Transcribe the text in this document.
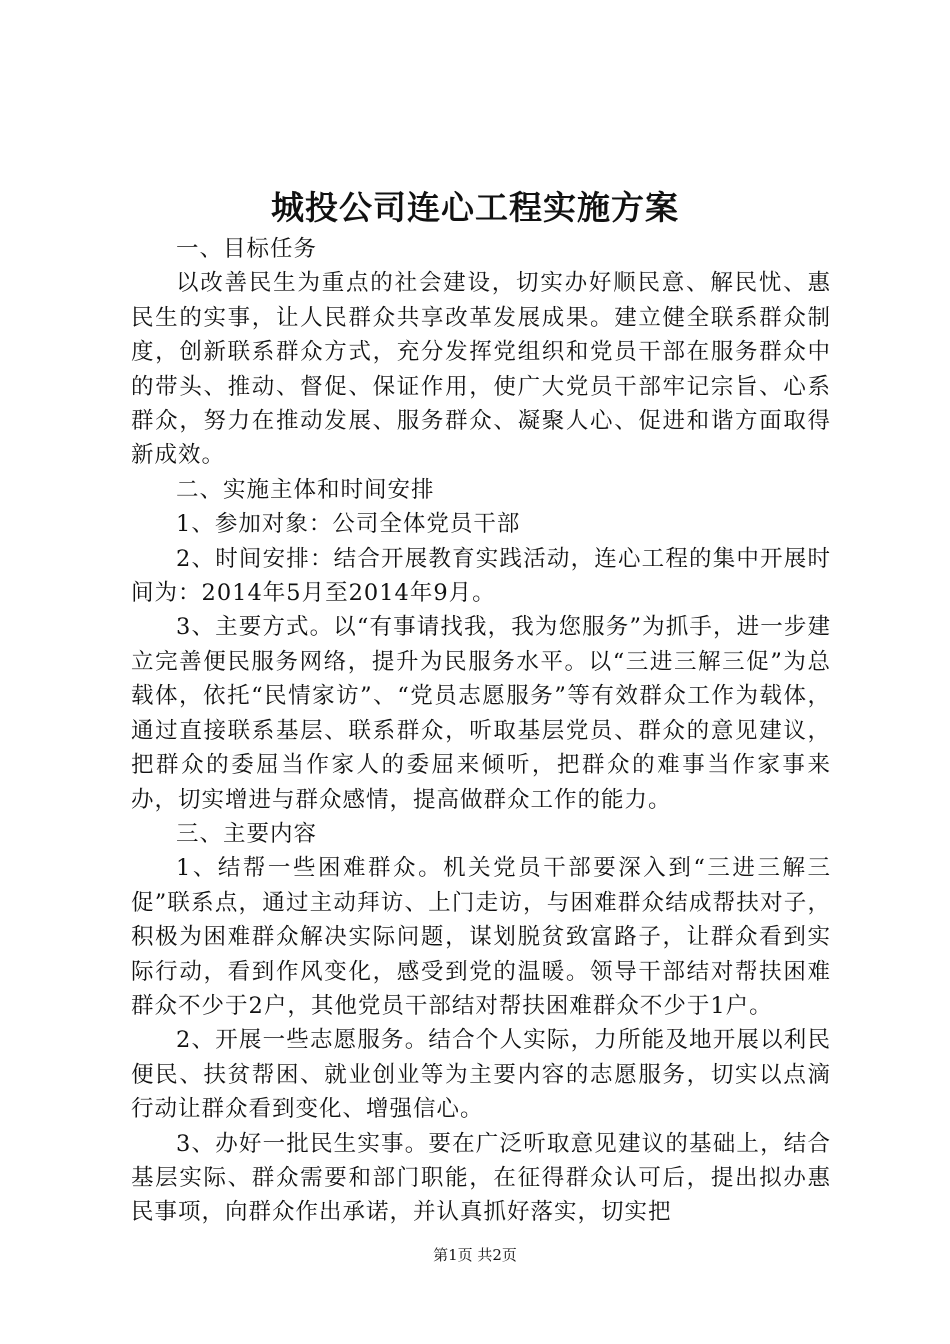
城投公司连心工程实施方案

一、目标任务

以改善民生为重点的社会建设，切实办好顺民意、解民忧、惠民生的实事，让人民群众共享改革发展成果。建立健全联系群众制度，创新联系群众方式，充分发挥党组织和党员干部在服务群众中的带头、推动、督促、保证作用，使广大党员干部牢记宗旨、心系群众，努力在推动发展、服务群众、凝聚人心、促进和谐方面取得新成效。

二、实施主体和时间安排

1、参加对象：公司全体党员干部

2、时间安排：结合开展教育实践活动，连心工程的集中开展时间为：2014年5月至2014年9月。

3、主要方式。以“有事请找我，我为您服务”为抓手，进一步建立完善便民服务网络，提升为民服务水平。以“三进三解三促”为总载体，依托“民情家访”、“党员志愿服务”等有效群众工作为载体，通过直接联系基层、联系群众，听取基层党员、群众的意见建议，把群众的委屈当作家人的委屈来倾听，把群众的难事当作家事来办，切实增进与群众感情，提高做群众工作的能力。

三、主要内容

1、结帮一些困难群众。机关党员干部要深入到“三进三解三促”联系点，通过主动拜访、上门走访，与困难群众结成帮扶对子，积极为困难群众解决实际问题，谋划脱贫致富路子，让群众看到实际行动，看到作风变化，感受到党的温暖。领导干部结对帮扶困难群众不少于2户，其他党员干部结对帮扶困难群众不少于1户。

2、开展一些志愿服务。结合个人实际，力所能及地开展以利民便民、扶贫帮困、就业创业等为主要内容的志愿服务，切实以点滴行动让群众看到变化、增强信心。

3、办好一批民生实事。要在广泛听取意见建议的基础上，结合基层实际、群众需要和部门职能，在征得群众认可后，提出拟办惠民事项，向群众作出承诺，并认真抓好落实，切实把

第1页 共2页
